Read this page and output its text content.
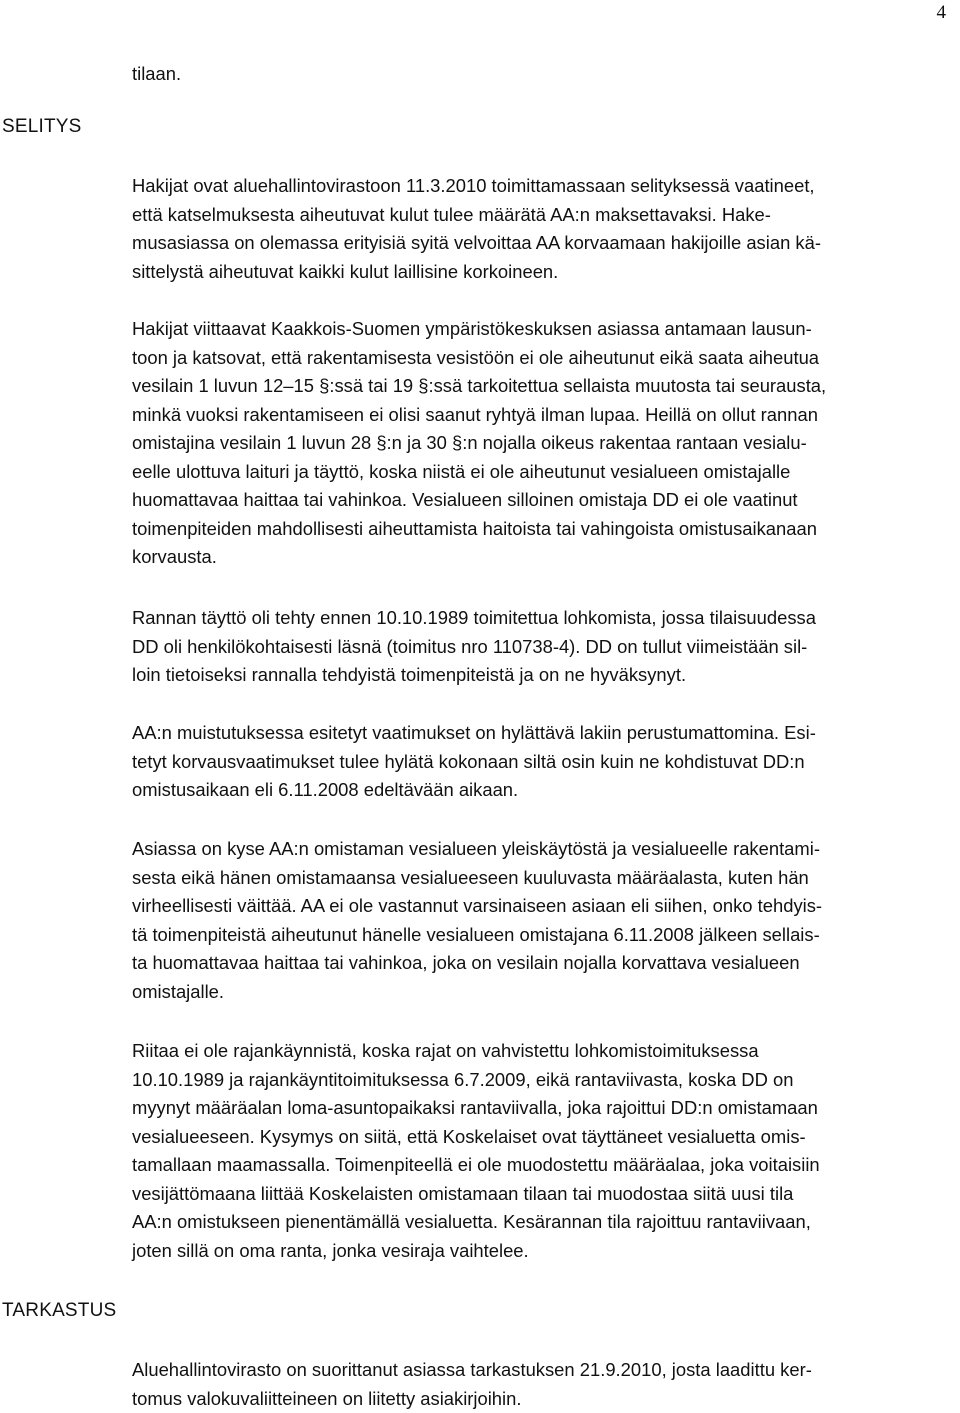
4

tilaan.

SELITYS

Hakijat ovat aluehallintovirastoon 11.3.2010 toimittamassaan selityksessä vaatineet,
että katselmuksesta aiheutuvat kulut tulee määrätä AA:n maksettavaksi. Hake-
musasiassa on olemassa erityisiä syitä velvoittaa AA korvaamaan hakijoille asian kä-
sittelystä aiheutuvat kaikki kulut laillisine korkoineen.

Hakijat viittaavat Kaakkois-Suomen ympäristökeskuksen asiassa antamaan lausun-
toon ja katsovat, että rakentamisesta vesistöön ei ole aiheutunut eikä saata aiheutua
vesilain 1 luvun 12–15 §:ssä tai 19 §:ssä tarkoitettua sellaista muutosta tai seurausta,
minkä vuoksi rakentamiseen ei olisi saanut ryhtyä ilman lupaa. Heillä on ollut rannan
omistajina vesilain 1 luvun 28 §:n ja 30 §:n nojalla oikeus rakentaa rantaan vesialu-
eelle ulottuva laituri ja täyttö, koska niistä ei ole aiheutunut vesialueen omistajalle
huomattavaa haittaa tai vahinkoa. Vesialueen silloinen omistaja DD ei ole vaatinut
toimenpiteiden mahdollisesti aiheuttamista haitoista tai vahingoista omistusaikanaan
korvausta.

Rannan täyttö oli tehty ennen 10.10.1989 toimitettua lohkomista, jossa tilaisuudessa
DD oli henkilökohtaisesti läsnä (toimitus nro 110738-4). DD on tullut viimeistään sil-
loin tietoiseksi rannalla tehdyistä toimenpiteistä ja on ne hyväksynyt.

AA:n muistutuksessa esitetyt vaatimukset on hylättävä lakiin perustumattomina. Esi-
tetyt korvausvaatimukset tulee hylätä kokonaan siltä osin kuin ne kohdistuvat DD:n
omistusaikaan eli 6.11.2008 edeltävään aikaan.

Asiassa on kyse AA:n omistaman vesialueen yleiskäytöstä ja vesialueelle rakentami-
sesta eikä hänen omistamaansa vesialueeseen kuuluvasta määräalasta, kuten hän
virheellisesti väittää. AA ei ole vastannut varsinaiseen asiaan eli siihen, onko tehdyis-
tä toimenpiteistä aiheutunut hänelle vesialueen omistajana 6.11.2008 jälkeen sellais-
ta huomattavaa haittaa tai vahinkoa, joka on vesilain nojalla korvattava vesialueen
omistajalle.

Riitaa ei ole rajankäynnistä, koska rajat on vahvistettu lohkomistoimituksessa
10.10.1989 ja rajankäyntitoimituksessa 6.7.2009, eikä rantaviivasta, koska DD on
myynyt määräalan loma-asuntopaikaksi rantaviivalla, joka rajoittui DD:n omistamaan
vesialueeseen. Kysymys on siitä, että Koskelaiset ovat täyttäneet vesialuetta omis-
tamallaan maamassalla. Toimenpiteellä ei ole muodostettu määräalaa, joka voitaisiin
vesijättömaana liittää Koskelaisten omistamaan tilaan tai muodostaa siitä uusi tila
AA:n omistukseen pienentämällä vesialuetta. Kesärannan tila rajoittuu rantaviivaan,
joten sillä on oma ranta, jonka vesiraja vaihtelee.

TARKASTUS

Aluehallintovirasto on suorittanut asiassa tarkastuksen 21.9.2010, josta laadittu ker-
tomus valokuvaliitteineen on liitetty asiakirjoihin.
